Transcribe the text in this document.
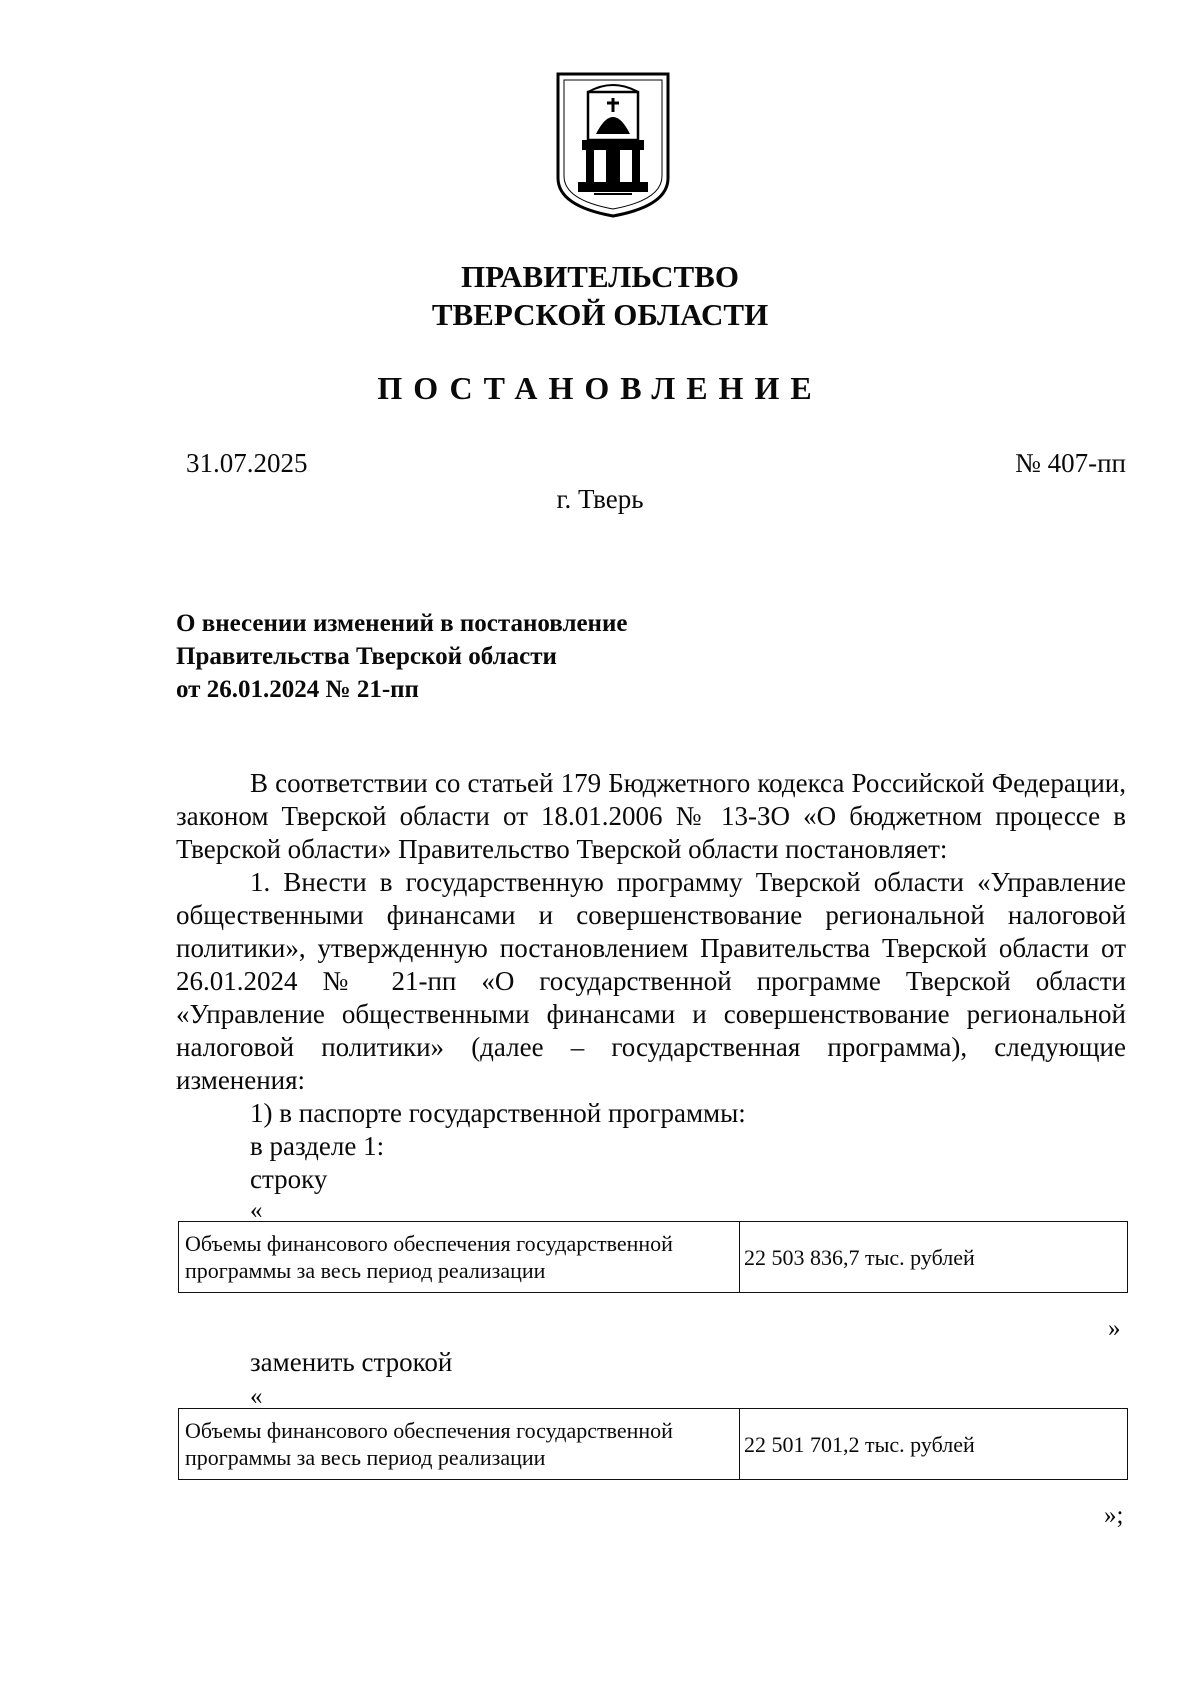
ПРАВИТЕЛЬСТВО
ТВЕРСКОЙ ОБЛАСТИ
ПОСТАНОВЛЕНИЕ
31.07.2025	№ 407-пп
г. Тверь
О внесении изменений в постановление
Правительства Тверской области
от 26.01.2024 № 21-пп

В соответствии со статьей 179 Бюджетного кодекса Российской Федерации, законом Тверской области от 18.01.2006 № 13-ЗО «О бюджетном процессе в Тверской области» Правительство Тверской области постановляет:

1. Внести в государственную программу Тверской области «Управление общественными финансами и совершенствование региональной налоговой политики», утвержденную постановлением Правительства Тверской области от 26.01.2024 № 21-пп «О государственной программе Тверской области «Управление общественными финансами и совершенствование региональной налоговой политики» (далее – государственная программа), следующие изменения:

1) в паспорте государственной программы:

в разделе 1:

строку

«
Объемы финансового обеспечения государственной программы за весь период реализации	22 503 836,7 тыс. рублей
»

заменить строкой

«
Объемы финансового обеспечения государственной программы за весь период реализации	22 501 701,2 тыс. рублей
»;
